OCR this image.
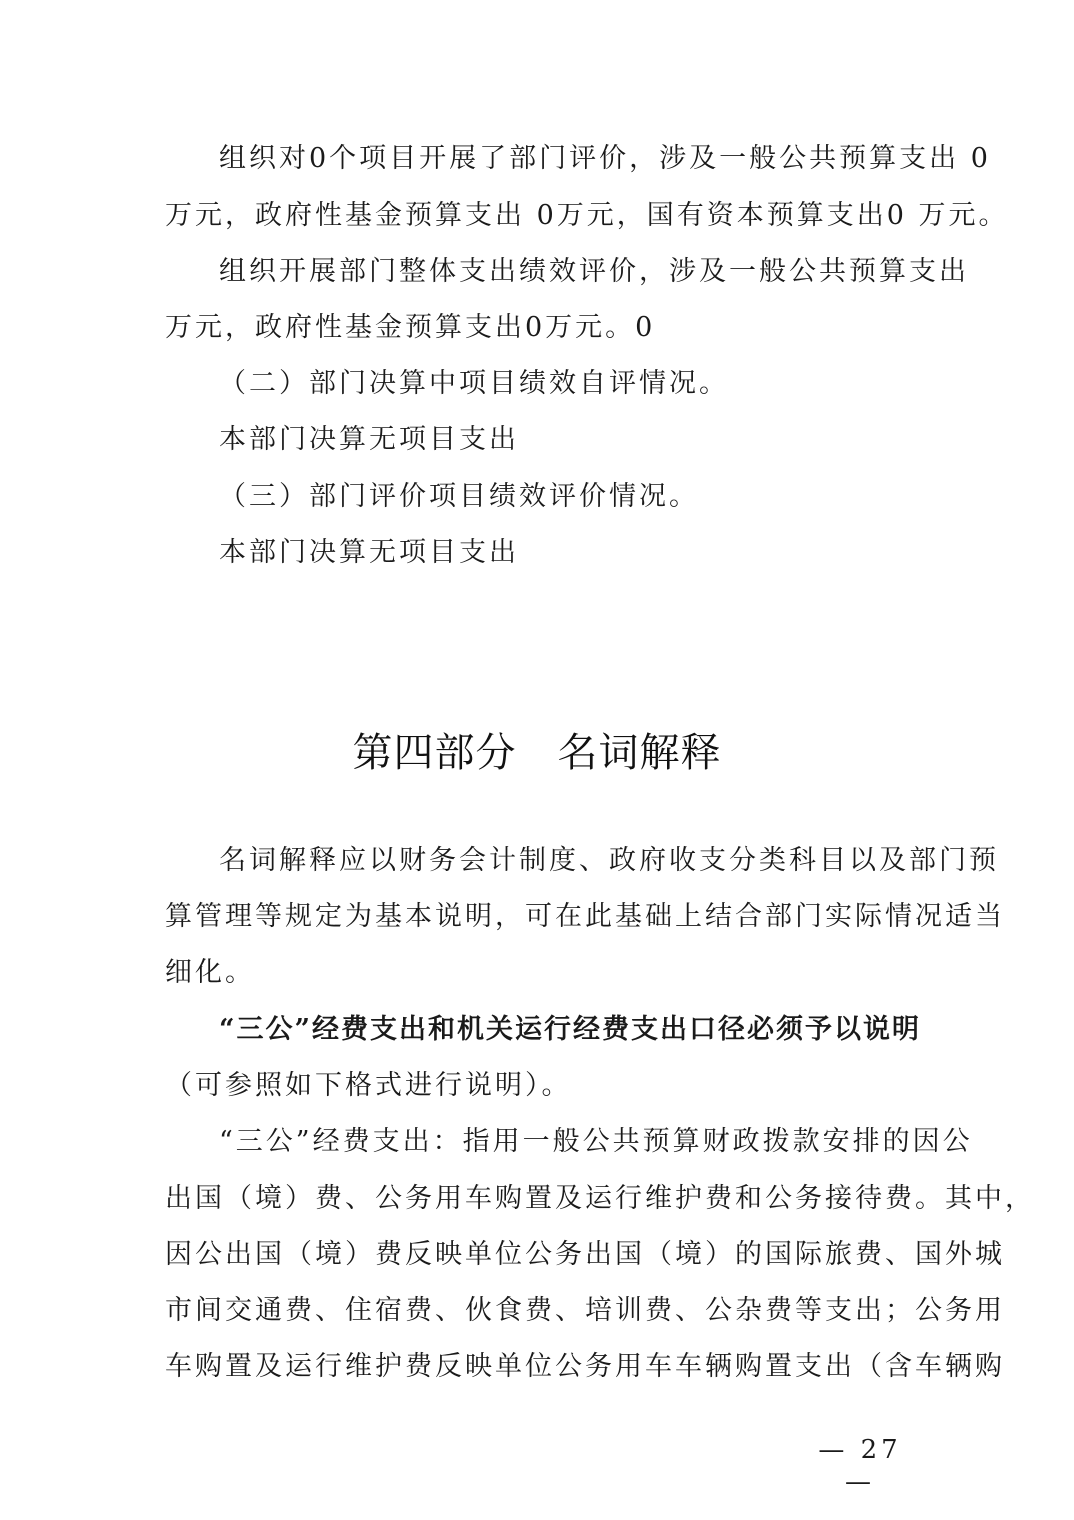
组织对0个项目开展了部门评价，涉及一般公共预算支出 0
万元，政府性基金预算支出 0万元，国有资本预算支出0 万元。
组织开展部门整体支出绩效评价，涉及一般公共预算支出
万元，政府性基金预算支出0万元。0
（二）部门决算中项目绩效自评情况。
本部门决算无项目支出
（三）部门评价项目绩效评价情况。
本部门决算无项目支出
第四部分　名词解释
名词解释应以财务会计制度、政府收支分类科目以及部门预
算管理等规定为基本说明，可在此基础上结合部门实际情况适当
细化。
“三公”经费支出和机关运行经费支出口径必须予以说明
（可参照如下格式进行说明）。
“三公”经费支出：指用一般公共预算财政拨款安排的因公
出国（境）费、公务用车购置及运行维护费和公务接待费。其中，
因公出国（境）费反映单位公务出国（境）的国际旅费、国外城
市间交通费、住宿费、伙食费、培训费、公杂费等支出；公务用
车购置及运行维护费反映单位公务用车车辆购置支出（含车辆购
— 27 —
